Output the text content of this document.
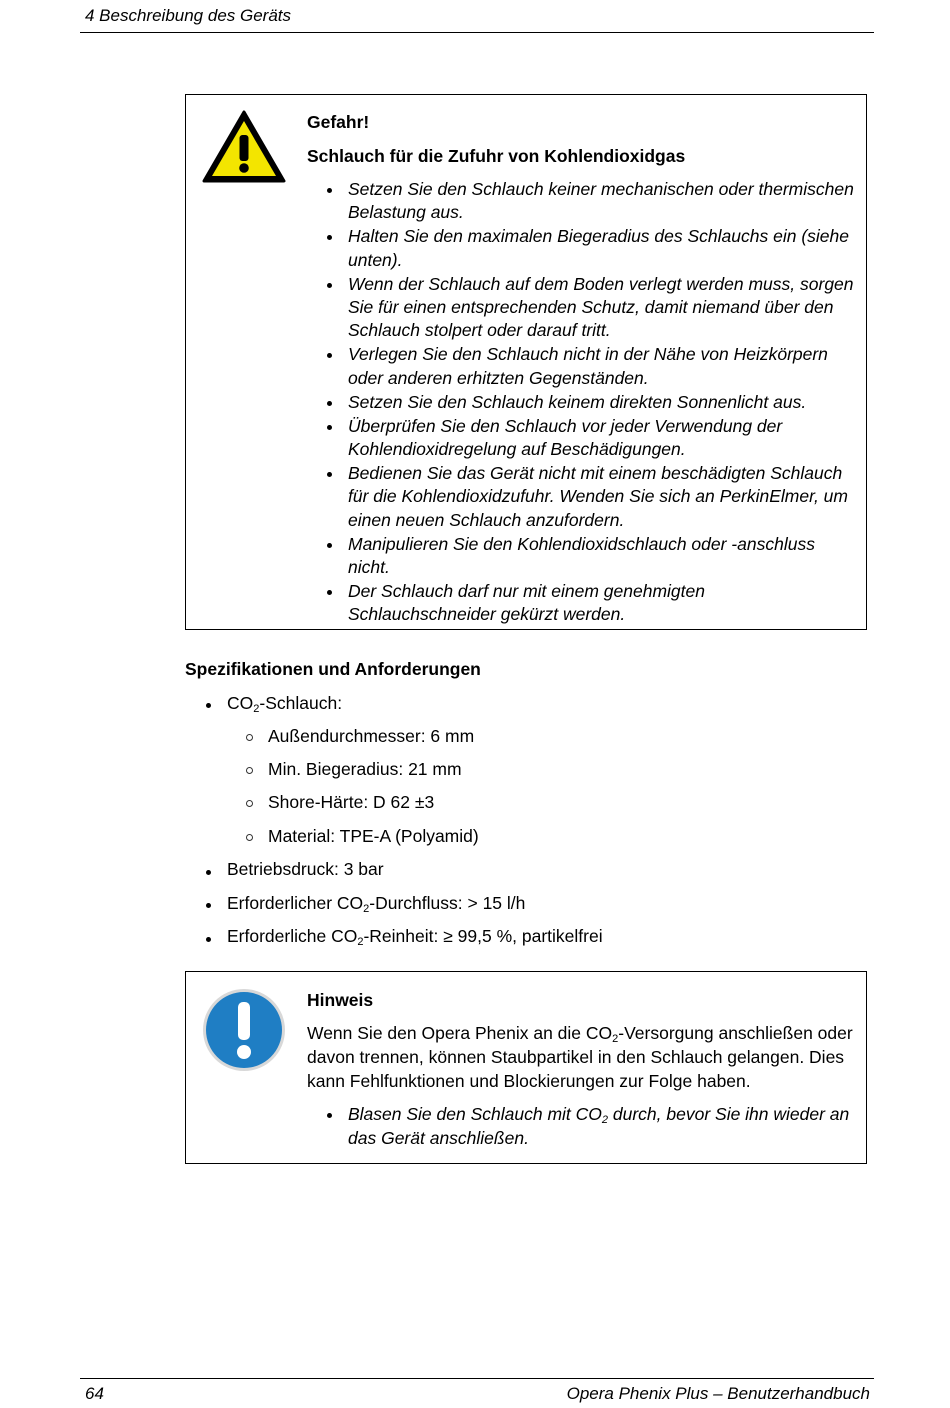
4 Beschreibung des Geräts
Gefahr!
Schlauch für die Zufuhr von Kohlendioxidgas
Setzen Sie den Schlauch keiner mechanischen oder thermischen Belastung aus.
Halten Sie den maximalen Biegeradius des Schlauchs ein (siehe unten).
Wenn der Schlauch auf dem Boden verlegt werden muss, sorgen Sie für einen entsprechenden Schutz, damit niemand über den Schlauch stolpert oder darauf tritt.
Verlegen Sie den Schlauch nicht in der Nähe von Heizkörpern oder anderen erhitzten Gegenständen.
Setzen Sie den Schlauch keinem direkten Sonnenlicht aus.
Überprüfen Sie den Schlauch vor jeder Verwendung der Kohlendioxidregelung auf Beschädigungen.
Bedienen Sie das Gerät nicht mit einem beschädigten Schlauch für die Kohlendioxidzufuhr. Wenden Sie sich an PerkinElmer, um einen neuen Schlauch anzufordern.
Manipulieren Sie den Kohlendioxidschlauch oder -anschluss nicht.
Der Schlauch darf nur mit einem genehmigten Schlauchschneider gekürzt werden.
Spezifikationen und Anforderungen
$CO_2$-Schlauch:
Außendurchmesser: 6 mm
Min. Biegeradius: 21 mm
Shore-Härte: D 62 ±3
Material: TPE-A (Polyamid)
Betriebsdruck: 3 bar
Erforderlicher $CO_2$-Durchfluss: > 15 l/h
Erforderliche $CO_2$-Reinheit: ≥ 99,5 %, partikelfrei
Hinweis

Wenn Sie den Opera Phenix an die $CO_2$-Versorgung anschließen oder davon trennen, können Staubpartikel in den Schlauch gelangen. Dies kann Fehlfunktionen und Blockierungen zur Folge haben.

Blasen Sie den Schlauch mit $CO_2$ durch, bevor Sie ihn wieder an das Gerät anschließen.
64	Opera Phenix Plus – Benutzerhandbuch
